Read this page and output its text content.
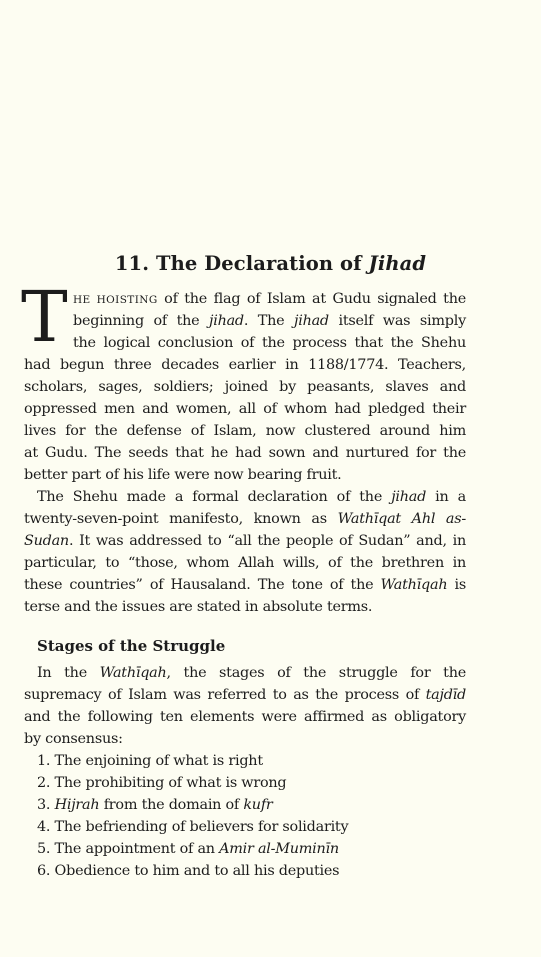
11. The Declaration of Jihad

T HE HOISTING of the flag of Islam at Gudu signaled the

beginning of the jihad. The jihad itself was simply

the logical conclusion of the process that the Shehu

had begun three decades earlier in 1188/1774. Teachers,

scholars, sages, soldiers; joined by peasants, slaves and

oppressed men and women, all of whom had pledged their

lives for the defense of Islam, now clustered around him

at Gudu. The seeds that he had sown and nurtured for the

better part of his life were now bearing fruit.

The Shehu made a formal declaration of the jihad in a

twenty-seven-point manifesto, known as Wathīqat Ahl as-

Sudan. It was addressed to “all the people of Sudan” and, in

particular, to “those, whom Allah wills, of the brethren in

these countries” of Hausaland. The tone of the Wathīqah is

terse and the issues are stated in absolute terms.

Stages of the Struggle

In the Wathīqah, the stages of the struggle for the

supremacy of Islam was referred to as the process of tajdīd

and the following ten elements were affirmed as obligatory

by consensus:

1. The enjoining of what is right

2. The prohibiting of what is wrong

3. Hijrah from the domain of kufr

4. The befriending of believers for solidarity

5. The appointment of an Amir al-Muminīn

6. Obedience to him and to all his deputies
